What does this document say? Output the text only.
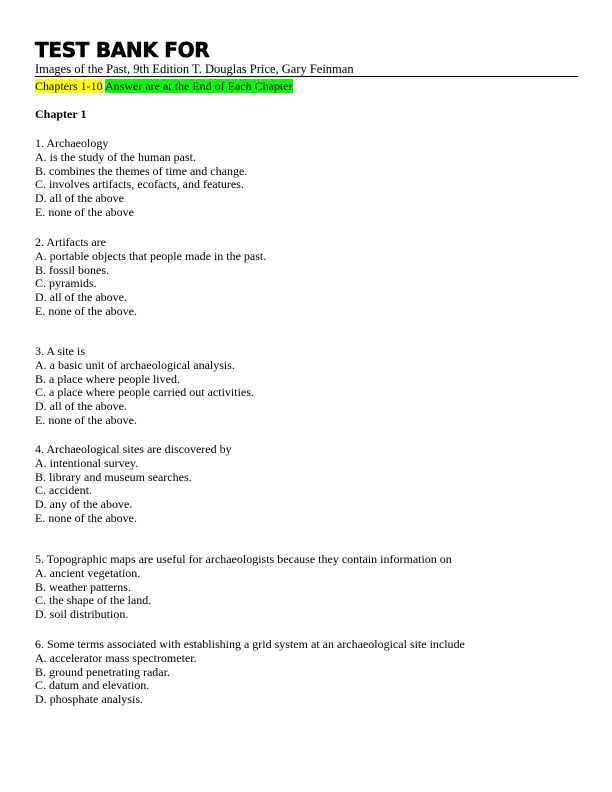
TEST BANK FOR
Images of the Past, 9th Edition T. Douglas Price, Gary Feinman
Chapters 1-10 Answer are at the End of Each Chapter
Chapter 1
1. Archaeology
A. is the study of the human past.
B. combines the themes of time and change.
C. involves artifacts, ecofacts, and features.
D. all of the above
E. none of the above
2. Artifacts are
A. portable objects that people made in the past.
B. fossil bones.
C. pyramids.
D. all of the above.
E. none of the above.
3. A site is
A. a basic unit of archaeological analysis.
B. a place where people lived.
C. a place where people carried out activities.
D. all of the above.
E. none of the above.
4. Archaeological sites are discovered by
A. intentional survey.
B. library and museum searches.
C. accident.
D. any of the above.
E. none of the above.
5. Topographic maps are useful for archaeologists because they contain information on
A. ancient vegetation.
B. weather patterns.
C. the shape of the land.
D. soil distribution.
6. Some terms associated with establishing a grid system at an archaeological site include
A. accelerator mass spectrometer.
B. ground penetrating radar.
C. datum and elevation.
D. phosphate analysis.
